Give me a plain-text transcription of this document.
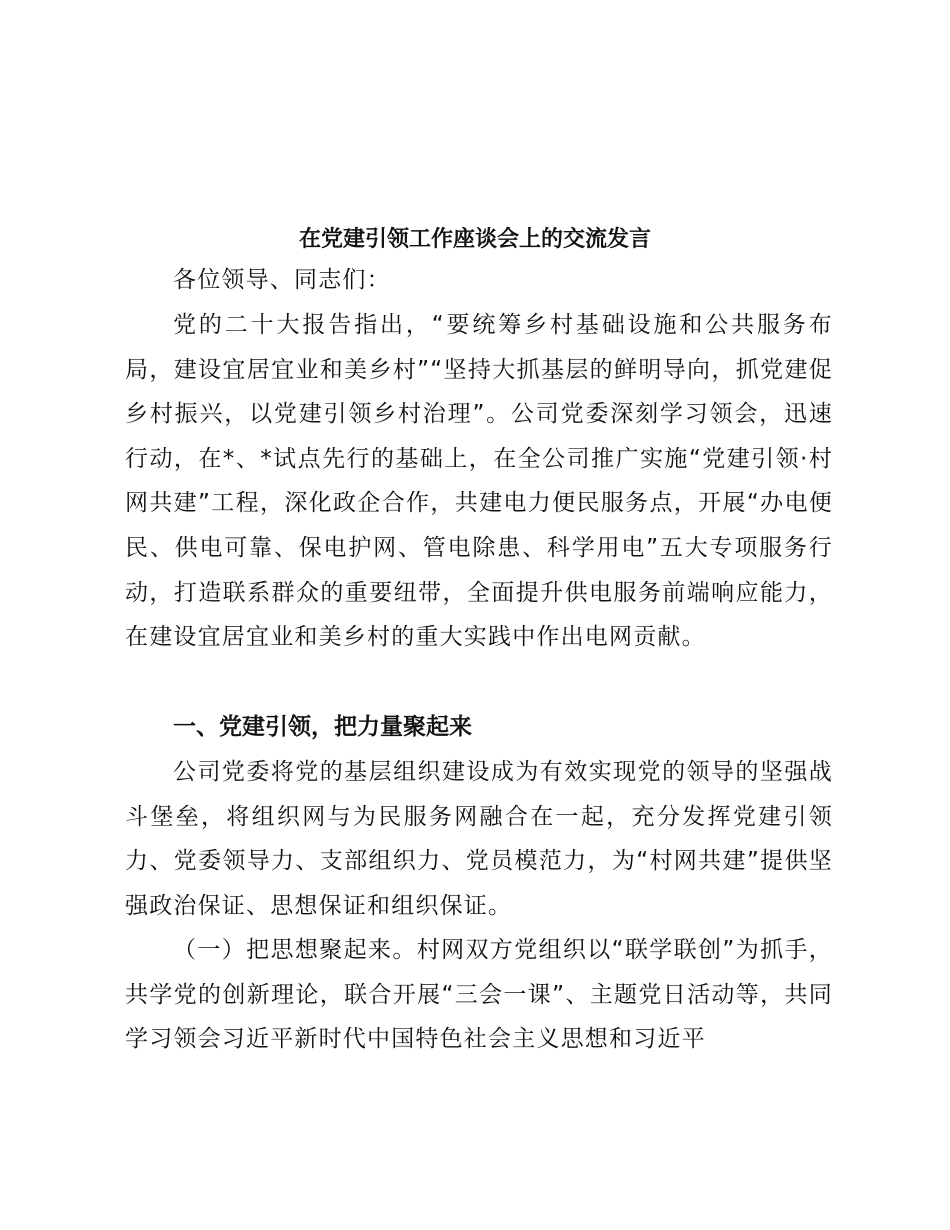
在党建引领工作座谈会上的交流发言

各位领导、同志们：

党的二十大报告指出，“要统筹乡村基础设施和公共服务布局，建设宜居宜业和美乡村”“坚持大抓基层的鲜明导向，抓党建促乡村振兴，以党建引领乡村治理”。公司党委深刻学习领会，迅速行动，在*、*试点先行的基础上，在全公司推广实施“党建引领·村网共建”工程，深化政企合作，共建电力便民服务点，开展“办电便民、供电可靠、保电护网、管电除患、科学用电”五大专项服务行动，打造联系群众的重要纽带，全面提升供电服务前端响应能力，在建设宜居宜业和美乡村的重大实践中作出电网贡献。

一、党建引领，把力量聚起来

公司党委将党的基层组织建设成为有效实现党的领导的坚强战斗堡垒，将组织网与为民服务网融合在一起，充分发挥党建引领力、党委领导力、支部组织力、党员模范力，为“村网共建”提供坚强政治保证、思想保证和组织保证。

（一）把思想聚起来。村网双方党组织以“联学联创”为抓手，共学党的创新理论，联合开展“三会一课”、主题党日活动等，共同学习领会习近平新时代中国特色社会主义思想和习近平
